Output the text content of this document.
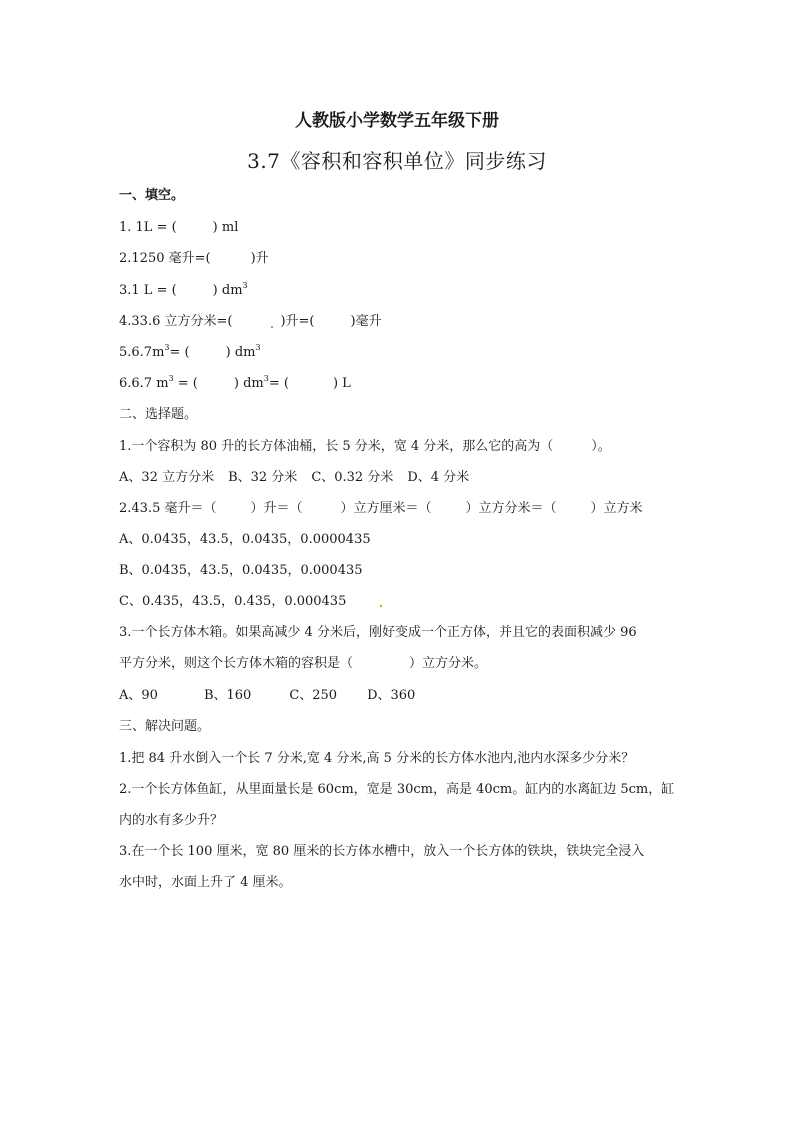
人教版小学数学五年级下册
3.7《容积和容积单位》同步练习
一、填空。
1. 1L = (	) ml
2.1250 毫升=(	)升
3.1 L = (	) $dm^3$
4.33.6 立方分米=(	)升=(	)毫升
$5.6.7m^3=$ (	) $dm^3$
6.6.7 $m^3$ = (	) $dm^3=$ (	) L
二、选择题。
1.一个容积为 80 升的长方体油桶，长 5 分米，宽 4 分米，那么它的高为（	）。
A、32 立方分米 B、32 分米 C、0.32 分米 D、4 分米
2.43.5 毫升＝（	）升＝（	）立方厘米＝（	）立方分米＝（	）立方米
A、0.0435，43.5，0.0435，0.0000435
B、0.0435，43.5，0.0435，0.000435
C、0.435，43.5，0.435，0.000435
3.一个长方体木箱。如果高减少 4 分米后，刚好变成一个正方体，并且它的表面积减少 96
平方分米，则这个长方体木箱的容积是（	）立方分米。
A、90	B、160	C、250 D、360
三、解决问题。
1.把 84 升水倒入一个长 7 分米,宽 4 分米,高 5 分米的长方体水池内,池内水深多少分米？
2.一个长方体鱼缸，从里面量长是 60cm，宽是 30cm，高是 40cm。缸内的水离缸边 5cm，缸
内的水有多少升？
3.在一个长 100 厘米，宽 80 厘米的长方体水槽中，放入一个长方体的铁块，铁块完全浸入
水中时，水面上升了 4 厘米。
